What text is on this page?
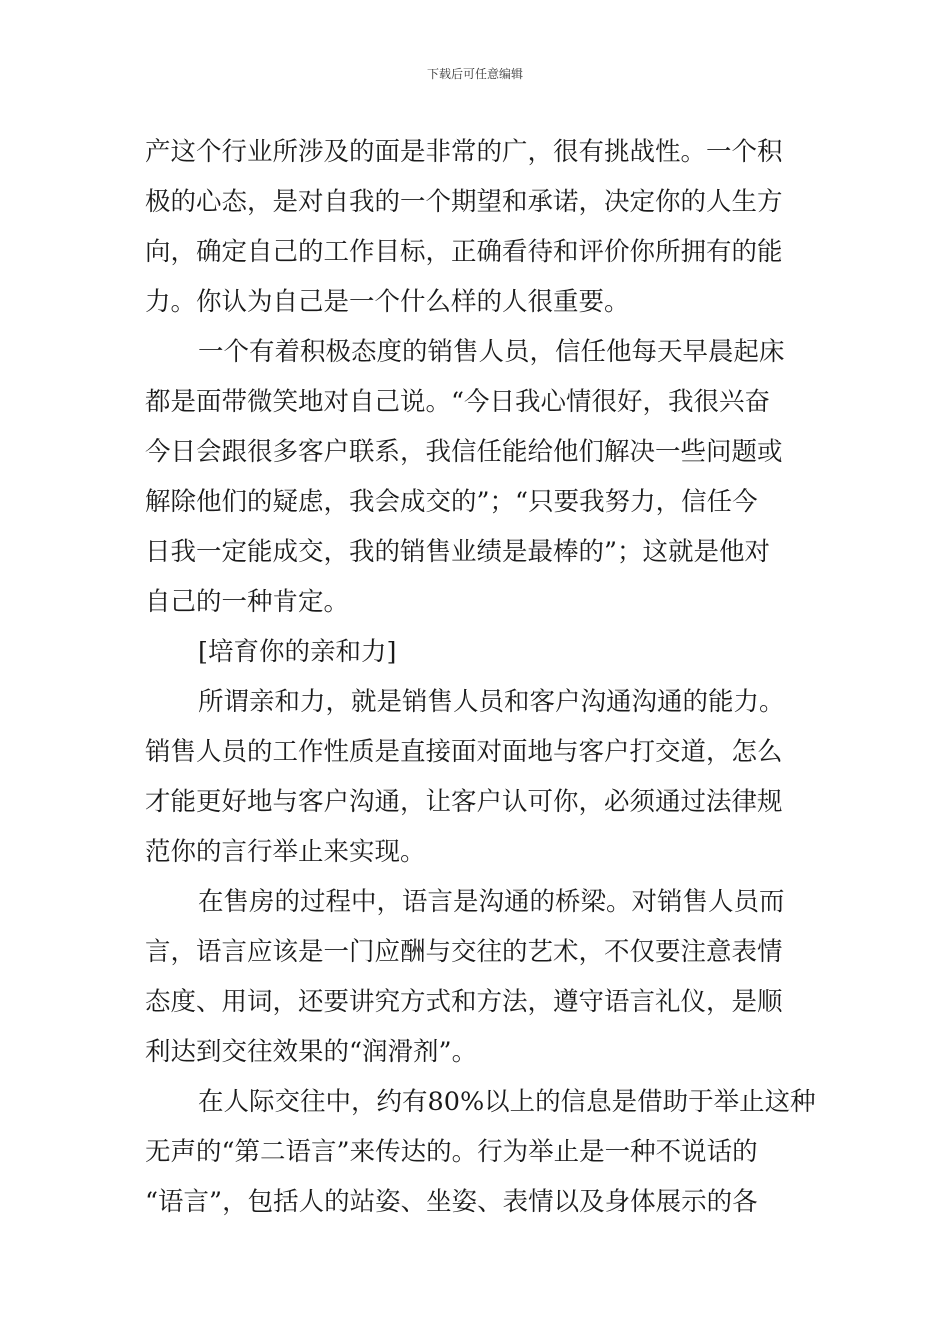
下载后可任意编辑
产这个行业所涉及的面是非常的广，很有挑战性。一个积
极的心态，是对自我的一个期望和承诺，决定你的人生方
向，确定自己的工作目标，正确看待和评价你所拥有的能
力。你认为自己是一个什么样的人很重要。
一个有着积极态度的销售人员，信任他每天早晨起床
都是面带微笑地对自己说。“今日我心情很好，我很兴奋
今日会跟很多客户联系，我信任能给他们解决一些问题或
解除他们的疑虑，我会成交的”；“只要我努力，信任今
日我一定能成交，我的销售业绩是最棒的”；这就是他对
自己的一种肯定。
[培育你的亲和力]
所谓亲和力，就是销售人员和客户沟通沟通的能力。
销售人员的工作性质是直接面对面地与客户打交道，怎么
才能更好地与客户沟通，让客户认可你，必须通过法律规
范你的言行举止来实现。
在售房的过程中，语言是沟通的桥梁。对销售人员而
言，语言应该是一门应酬与交往的艺术，不仅要注意表情
态度、用词，还要讲究方式和方法，遵守语言礼仪，是顺
利达到交往效果的“润滑剂”。
在人际交往中，约有80%以上的信息是借助于举止这种
无声的“第二语言”来传达的。行为举止是一种不说话的
“语言”，包括人的站姿、坐姿、表情以及身体展示的各
